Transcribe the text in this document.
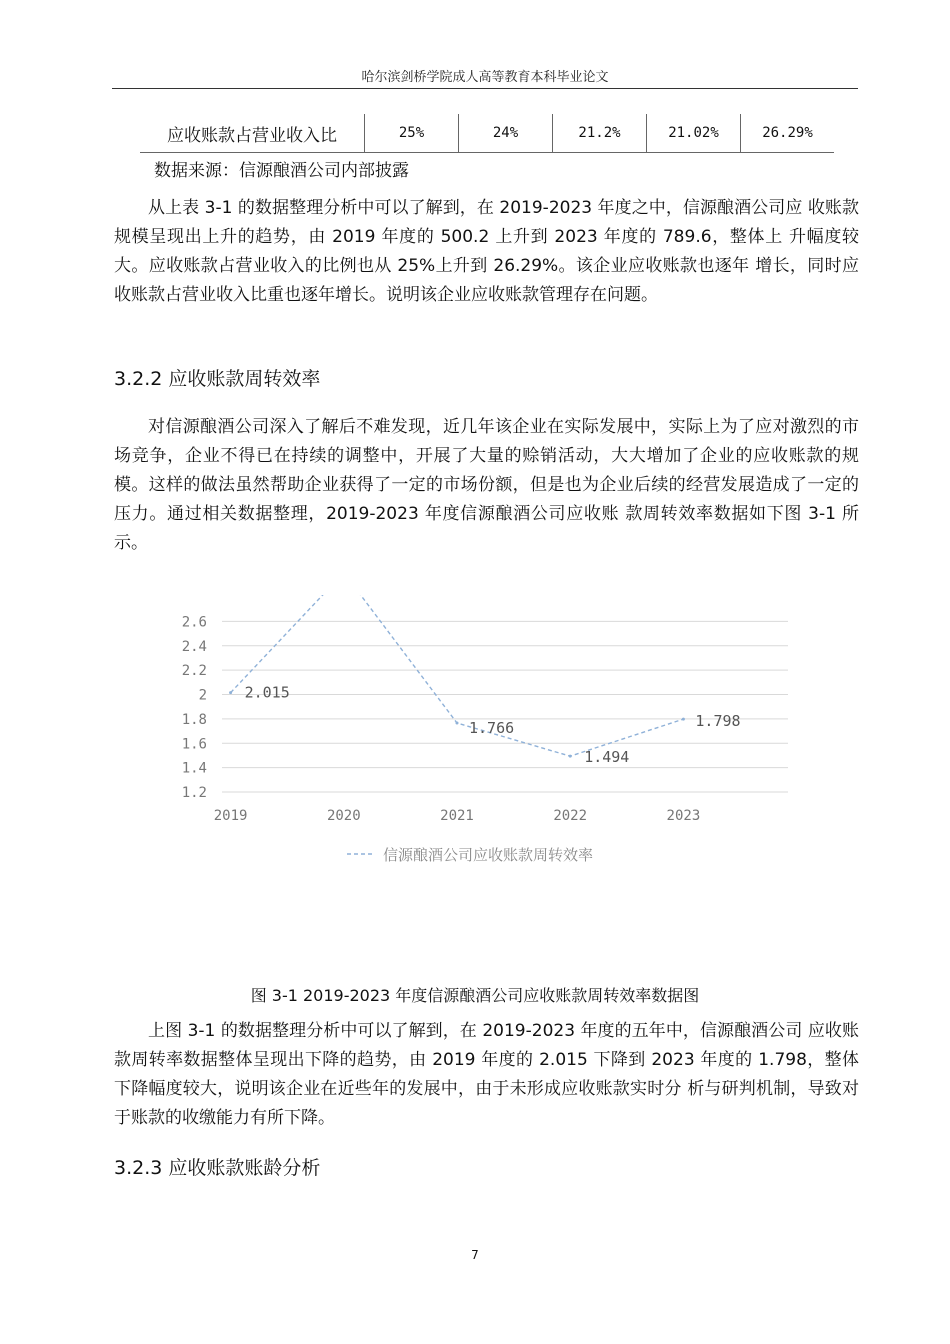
哈尔滨剑桥学院成人高等教育本科毕业论文
应收账款占营业收入比	25%	24%	21.2%	21.02%	26.29%
数据来源：信源酿酒公司内部披露
从上表 3-1 的数据整理分析中可以了解到，在 2019-2023 年度之中，信源酿酒公司应 收账款规模呈现出上升的趋势，由 2019 年度的 500.2 上升到 2023 年度的 789.6，整体上 升幅度较大。应收账款占营业收入的比例也从 25%上升到 26.29%。该企业应收账款也逐年 增长，同时应收账款占营业收入比重也逐年增长。说明该企业应收账款管理存在问题。
3.2.2 应收账款周转效率
对信源酿酒公司深入了解后不难发现，近几年该企业在实际发展中，实际上为了应对激烈的市场竞争，企业不得已在持续的调整中，开展了大量的赊销活动，大大增加了企业的应收账款的规模。这样的做法虽然帮助企业获得了一定的市场份额，但是也为企业后续的经营发展造成了一定的压力。通过相关数据整理，2019-2023 年度信源酿酒公司应收账 款周转效率数据如下图 3-1 所示。
1.2
1.4
1.6
1.8
2
2.2
2.4
2.6
2019	2020	2021	2022	2023
2.015
1.766
1.494
1.798
信源酿酒公司应收账款周转效率
图 3-1 2019-2023 年度信源酿酒公司应收账款周转效率数据图
上图 3-1 的数据整理分析中可以了解到，在 2019-2023 年度的五年中，信源酿酒公司 应收账款周转率数据整体呈现出下降的趋势，由 2019 年度的 2.015 下降到 2023 年度的 1.798，整体下降幅度较大，说明该企业在近些年的发展中，由于未形成应收账款实时分 析与研判机制，导致对于账款的收缴能力有所下降。
3.2.3 应收账款账龄分析
7
